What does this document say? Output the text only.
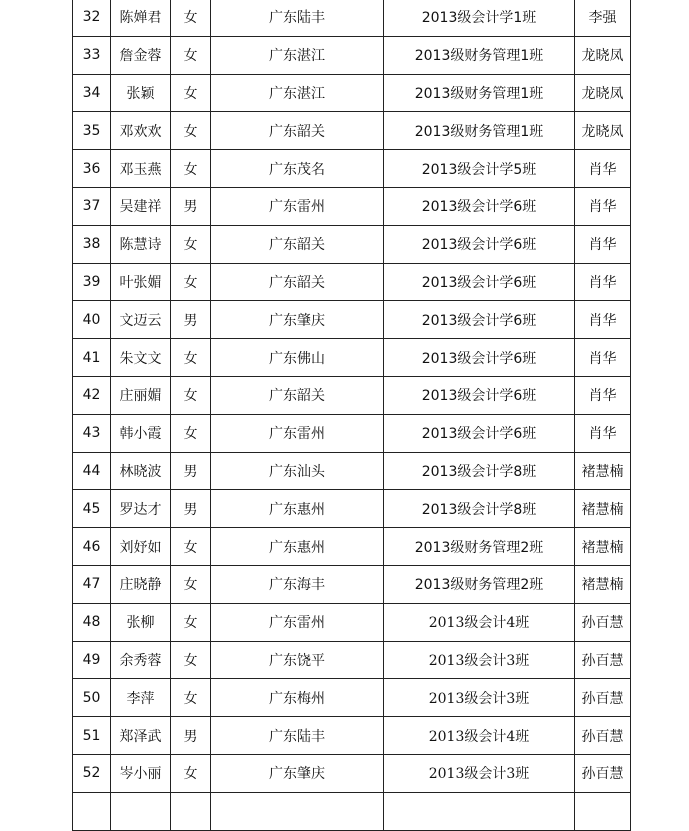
32	陈婵君	女	广东陆丰	2013级会计学1班	李强
33	詹金蓉	女	广东湛江	2013级财务管理1班	龙晓凤
34	张颖	女	广东湛江	2013级财务管理1班	龙晓凤
35	邓欢欢	女	广东韶关	2013级财务管理1班	龙晓凤
36	邓玉燕	女	广东茂名	2013级会计学5班	肖华
37	吴建祥	男	广东雷州	2013级会计学6班	肖华
38	陈慧诗	女	广东韶关	2013级会计学6班	肖华
39	叶张媚	女	广东韶关	2013级会计学6班	肖华
40	文迈云	男	广东肇庆	2013级会计学6班	肖华
41	朱文文	女	广东佛山	2013级会计学6班	肖华
42	庄丽媚	女	广东韶关	2013级会计学6班	肖华
43	韩小霞	女	广东雷州	2013级会计学6班	肖华
44	林晓波	男	广东汕头	2013级会计学8班	褚慧楠
45	罗达才	男	广东惠州	2013级会计学8班	褚慧楠
46	刘妤如	女	广东惠州	2013级财务管理2班	褚慧楠
47	庄晓静	女	广东海丰	2013级财务管理2班	褚慧楠
48	张柳	女	广东雷州	2013级会计4班	孙百慧
49	余秀蓉	女	广东饶平	2013级会计3班	孙百慧
50	李萍	女	广东梅州	2013级会计3班	孙百慧
51	郑泽武	男	广东陆丰	2013级会计4班	孙百慧
52	岑小丽	女	广东肇庆	2013级会计3班	孙百慧
